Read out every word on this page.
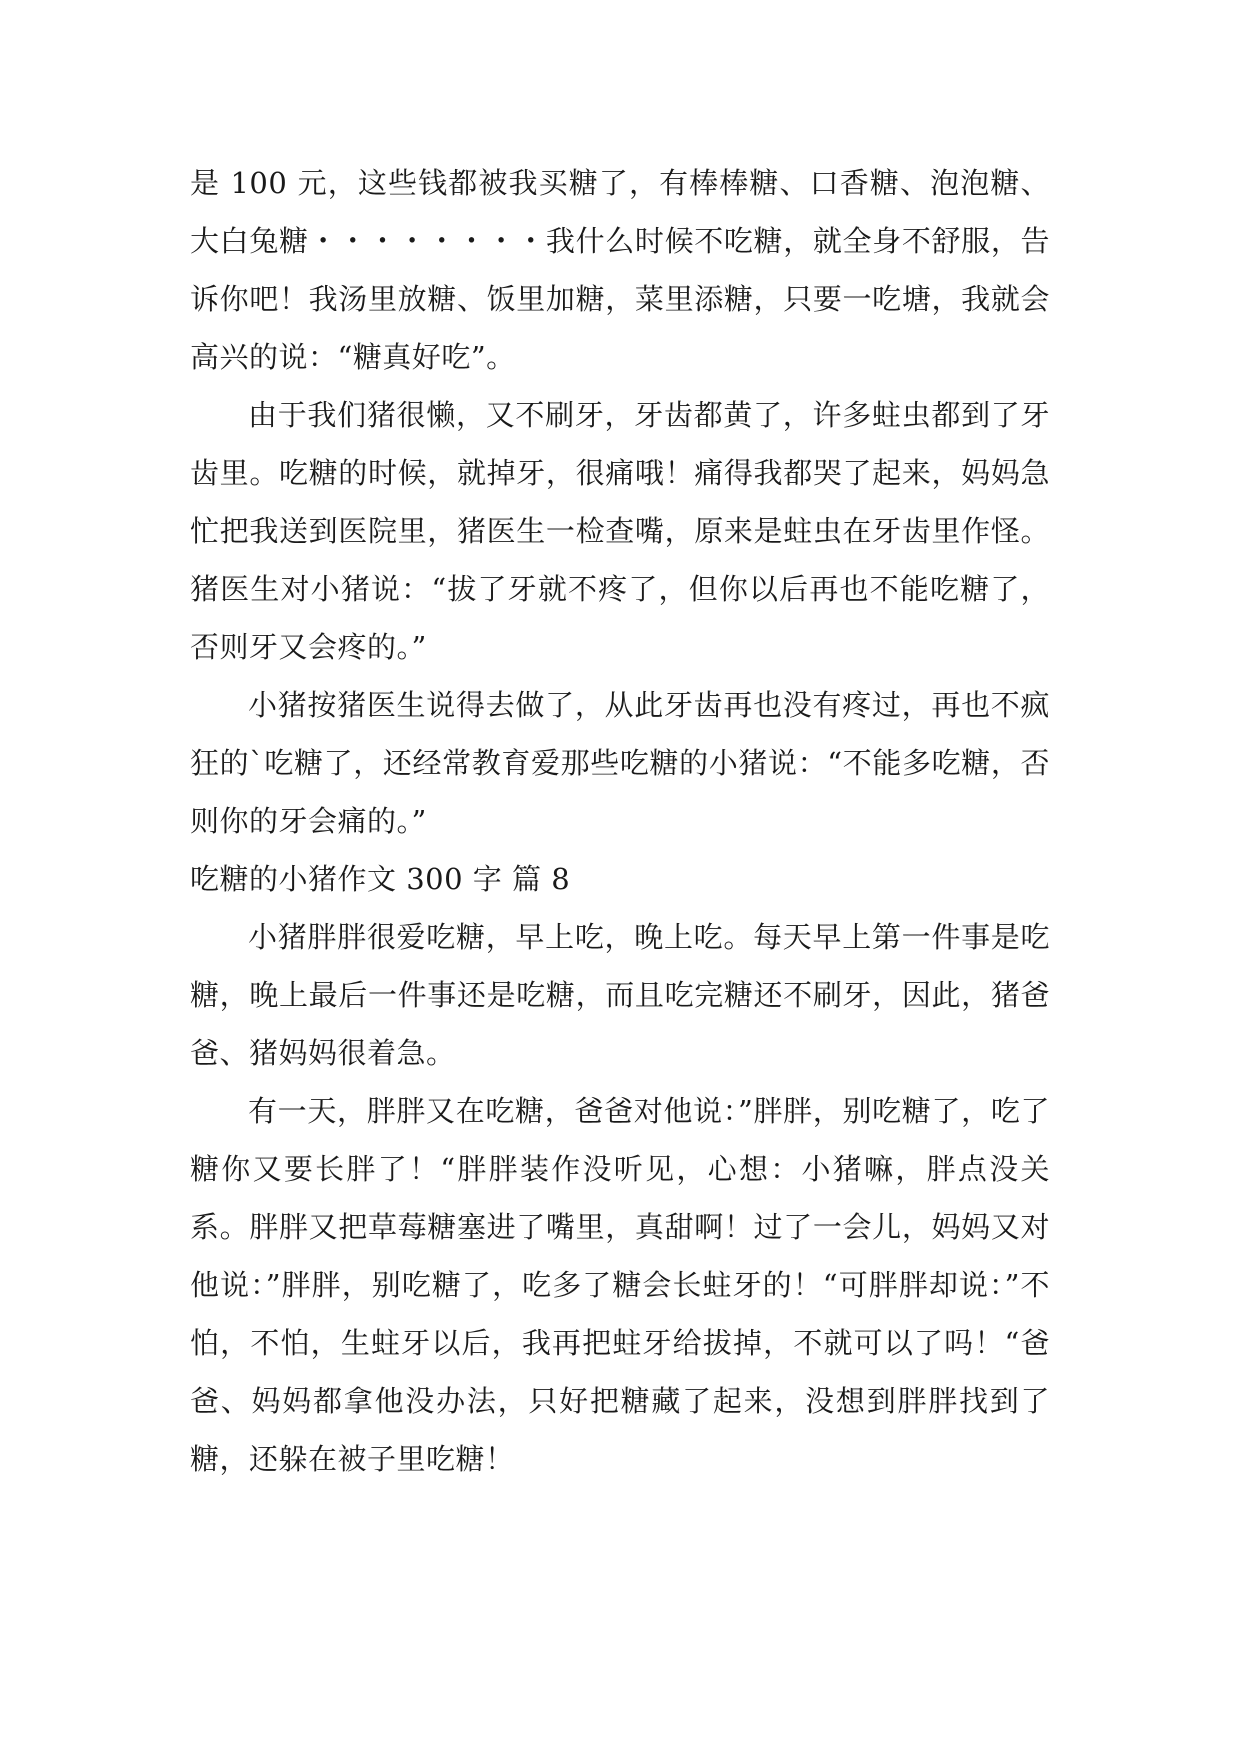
是 100 元，这些钱都被我买糖了，有棒棒糖、口香糖、泡泡糖、大白兔糖・・・・・・・・我什么时候不吃糖，就全身不舒服，告诉你吧！我汤里放糖、饭里加糖，菜里添糖，只要一吃塘，我就会高兴的说：“糖真好吃”。

由于我们猪很懒，又不刷牙，牙齿都黄了，许多蛀虫都到了牙齿里。吃糖的时候，就掉牙，很痛哦！痛得我都哭了起来，妈妈急忙把我送到医院里，猪医生一检查嘴，原来是蛀虫在牙齿里作怪。猪医生对小猪说：“拔了牙就不疼了，但你以后再也不能吃糖了，否则牙又会疼的。”

小猪按猪医生说得去做了，从此牙齿再也没有疼过，再也不疯狂的`吃糖了，还经常教育爱那些吃糖的小猪说：“不能多吃糖，否则你的牙会痛的。”

吃糖的小猪作文 300 字 篇 8

小猪胖胖很爱吃糖，早上吃，晚上吃。每天早上第一件事是吃糖，晚上最后一件事还是吃糖，而且吃完糖还不刷牙，因此，猪爸爸、猪妈妈很着急。

有一天，胖胖又在吃糖，爸爸对他说：”胖胖，别吃糖了，吃了糖你又要长胖了！“胖胖装作没听见，心想：小猪嘛，胖点没关系。胖胖又把草莓糖塞进了嘴里，真甜啊！过了一会儿，妈妈又对他说：”胖胖，别吃糖了，吃多了糖会长蛀牙的！“可胖胖却说：”不怕，不怕，生蛀牙以后，我再把蛀牙给拔掉，不就可以了吗！“爸爸、妈妈都拿他没办法，只好把糖藏了起来，没想到胖胖找到了糖，还躲在被子里吃糖！
